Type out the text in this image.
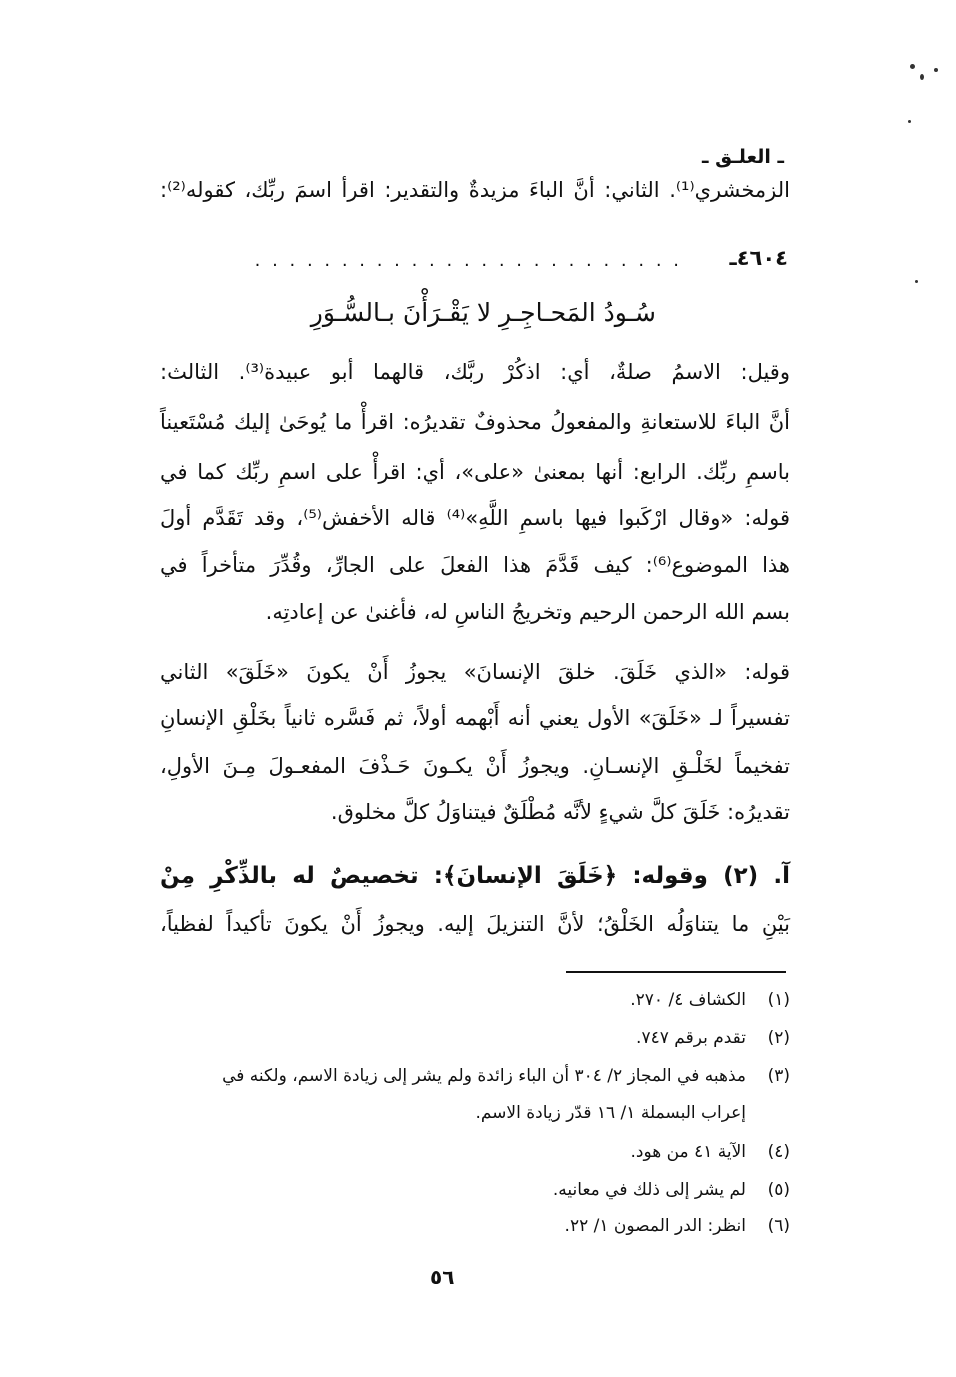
ـ العلـق ـ
الزمخشري⁽¹⁾. الثاني: أنَّ الباءَ مزيدةٌ والتقدير: اقرأ اسمَ ربِّك، كقوله⁽²⁾:
٤٦٠٤ـ
. . . . . . . . . . . . . . . . . . . . . . . . .
سُـودُ المَحـاجِـرِ لا يَقْـرَأْنَ بـالسُّـوَرِ
وقيل: الاسمُ صلةٌ، أي: اذكُرْ ربَّك، قالهما أبو عبيدة⁽³⁾. الثالث:
أنَّ الباءَ للاستعانةِ والمفعولُ محذوفٌ تقديرُه: اقرأْ ما يُوحَىٰ إليك مُسْتَعيناً
باسمِ ربِّك. الرابع: أنها بمعنىٰ «على»، أي: اقرأْ على اسمِ ربِّك كما في
قوله: «وقال ارْكَبوا فيها باسمِ اللَّهِ»⁽⁴⁾ قاله الأخفش⁽⁵⁾، وقد تَقَدَّم أولَ
هذا الموضوع⁽⁶⁾: كيف قَدَّمَ هذا الفعلَ على الجارِّ، وقُدِّرَ متأخراً في
بسم الله الرحمن الرحيم وتخريجُ الناسِ له، فأغنىٰ عن إعادتِه.
قوله: «الذي خَلَقَ. خلقَ الإنسانَ» يجوزُ أَنْ يكونَ «خَلَقَ» الثاني
تفسيراً لـ «خَلَقَ» الأول يعني أنه أَبْهمه أولاً، ثم فَسَّره ثانياً بخَلْقِ الإنسانِ
تفخيماً لخَلْـقِ الإنسـانِ. ويجوزُ أَنْ يكـونَ حَـذْفَ المفعـولَ مِـنَ الأولِ،
تقديرُه: خَلَقَ كلَّ شيءٍ لأنَّه مُطْلَقٌ فيتناوَلُ كلَّ مخلوق.
آ. (٢) وقوله: ﴿خَلَقَ الإنسانَ﴾: تخصيصٌ له بالذِّكْرِ مِنْ
بَيْنِ ما يتناوَلُه الخَلْقُ؛ لأنَّ التنزيلَ إليه. ويجوزُ أَنْ يكونَ تأكيداً لفظياً،
(١)
الكشاف ٤/ ٢٧٠.
(٢)
تقدم برقم ٧٤٧.
(٣)
مذهبه في المجاز ٢/ ٣٠٤ أن الباء زائدة ولم يشر إلى زيادة الاسم، ولكنه في
إعراب البسملة ١/ ١٦ قدّر زيادة الاسم.
(٤)
الآية ٤١ من هود.
(٥)
لم يشر إلى ذلك في معانيه.
(٦)
انظر: الدر المصون ١/ ٢٢.
٥٦
